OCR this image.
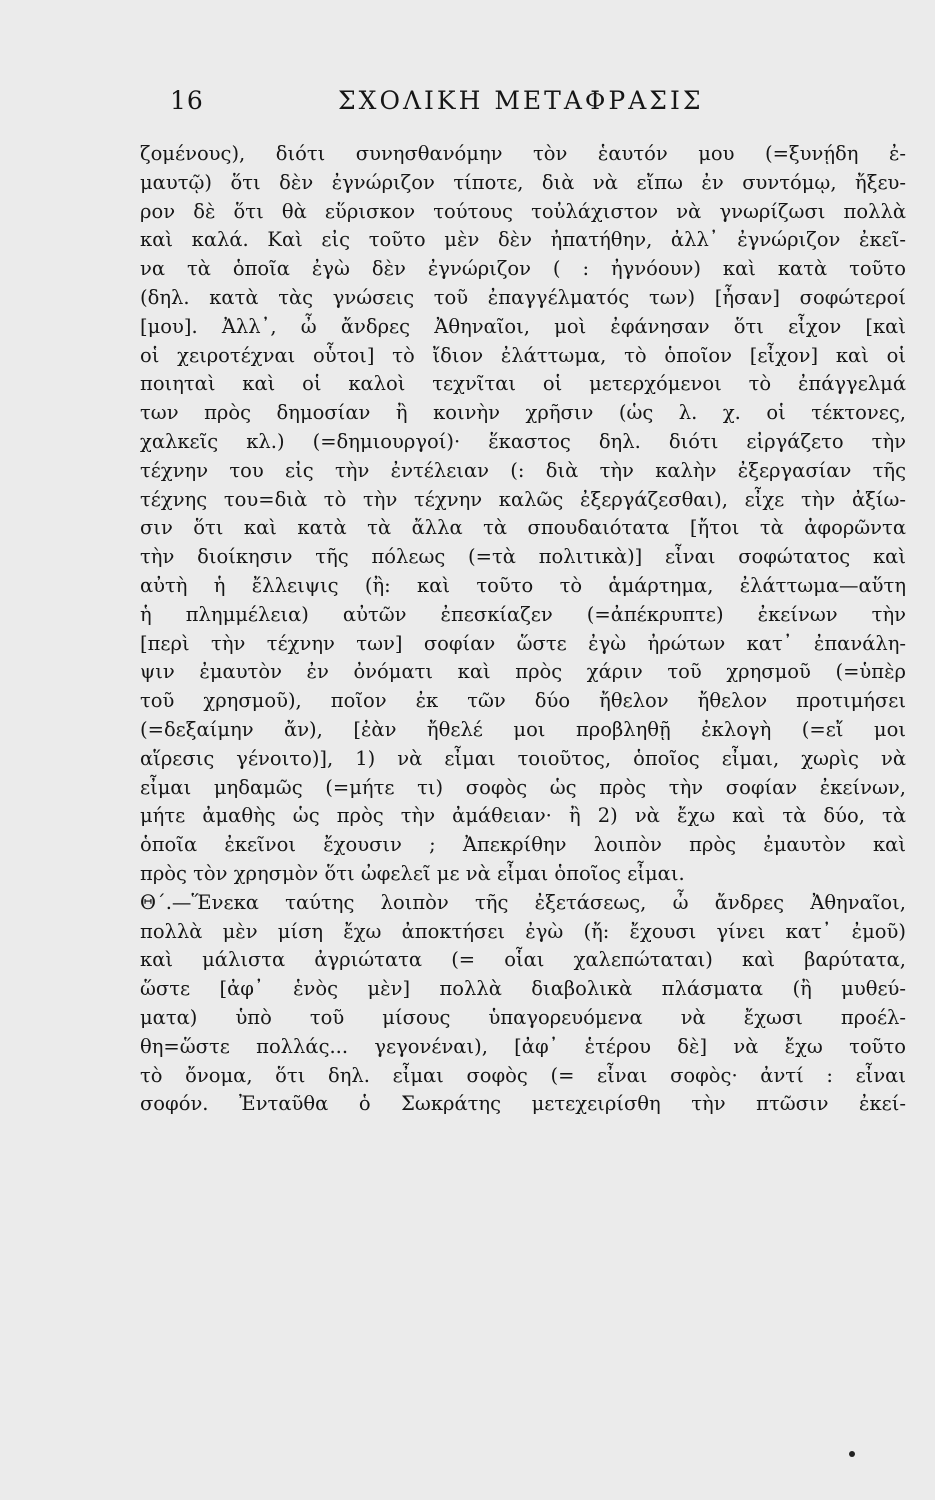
16	ΣΧΟΛΙΚΗ ΜΕΤΑΦΡΑΣΙΣ
ζομένους), διότι συνησθανόμην τὸν ἑαυτόν μου (=ξυνῄδη ἐ-
μαυτῷ) ὅτι δὲν ἐγνώριζον τίποτε, διὰ νὰ εἴπω ἐν συντόμῳ, ἤξευ-
ρον δὲ ὅτι θὰ εὕρισκον τούτους τοὐλάχιστον νὰ γνωρίζωσι πολλὰ
καὶ καλά. Καὶ εἰς τοῦτο μὲν δὲν ἠπατήθην, ἀλλ᾽ ἐγνώριζον ἐκεῖ-
να τὰ ὁποῖα ἐγὼ δὲν ἐγνώριζον ( : ἠγνόουν) καὶ κατὰ τοῦτο
(δηλ. κατὰ τὰς γνώσεις τοῦ ἐπαγγέλματός των) [ἦσαν] σοφώτεροί
[μου]. Ἀλλ᾽, ὦ ἄνδρες Ἀθηναῖοι, μοὶ ἐφάνησαν ὅτι εἶχον [καὶ
οἱ χειροτέχναι οὗτοι] τὸ ἴδιον ἐλάττωμα, τὸ ὁποῖον [εἶχον] καὶ οἱ
ποιηταὶ καὶ οἱ καλοὶ τεχνῖται οἱ μετερχόμενοι τὸ ἐπάγγελμά
των πρὸς δημοσίαν ἢ κοινὴν χρῆσιν (ὡς λ. χ. οἱ τέκτονες,
χαλκεῖς κλ.) (=δημιουργοί)· ἕκαστος δηλ. διότι εἰργάζετο τὴν
τέχνην του εἰς τὴν ἐντέλειαν (: διὰ τὴν καλὴν ἐξεργασίαν τῆς
τέχνης του=διὰ τὸ τὴν τέχνην καλῶς ἐξεργάζεσθαι), εἶχε τὴν ἀξίω-
σιν ὅτι καὶ κατὰ τὰ ἄλλα τὰ σπουδαιότατα [ἤτοι τὰ ἀφορῶντα
τὴν διοίκησιν τῆς πόλεως (=τὰ πολιτικὰ)] εἶναι σοφώτατος καὶ
αὐτὴ ἡ ἔλλειψις (ἢ: καὶ τοῦτο τὸ ἁμάρτημα, ἐλάττωμα—αὕτη
ἡ πλημμέλεια) αὐτῶν ἐπεσκίαζεν (=ἀπέκρυπτε) ἐκείνων τὴν
[περὶ τὴν τέχνην των] σοφίαν ὥστε ἐγὼ ἠρώτων κατ᾽ ἐπανάλη-
ψιν ἐμαυτὸν ἐν ὀνόματι καὶ πρὸς χάριν τοῦ χρησμοῦ (=ὑπὲρ
τοῦ χρησμοῦ), ποῖον ἐκ τῶν δύο ἤθελον ἤθελον προτιμήσει
(=δεξαίμην ἄν), [ἐὰν ἤθελέ μοι προβληθῇ ἐκλογὴ (=εἴ μοι
αἵρεσις γένοιτο)], 1) νὰ εἶμαι τοιοῦτος, ὁποῖος εἶμαι, χωρὶς νὰ
εἶμαι μηδαμῶς (=μήτε τι) σοφὸς ὡς πρὸς τὴν σοφίαν ἐκείνων,
μήτε ἀμαθὴς ὡς πρὸς τὴν ἀμάθειαν· ἢ 2) νὰ ἔχω καὶ τὰ δύο, τὰ
ὁποῖα ἐκεῖνοι ἔχουσιν ; Ἀπεκρίθην λοιπὸν πρὸς ἐμαυτὸν καὶ
πρὸς τὸν χρησμὸν ὅτι ὠφελεῖ με νὰ εἶμαι ὁποῖος εἶμαι.
Θ΄.—Ἕνεκα ταύτης λοιπὸν τῆς ἐξετάσεως, ὦ ἄνδρες Ἀθηναῖοι,
πολλὰ μὲν μίση ἔχω ἀποκτήσει ἐγὼ (ἤ: ἔχουσι γίνει κατ᾽ ἐμοῦ)
καὶ μάλιστα ἀγριώτατα (= οἷαι χαλεπώταται) καὶ βαρύτατα,
ὥστε [ἀφ᾽ ἑνὸς μὲν] πολλὰ διαβολικὰ πλάσματα (ἢ μυθεύ-
ματα) ὑπὸ τοῦ μίσους ὑπαγορευόμενα νὰ ἔχωσι προέλ-
θη=ὥστε πολλάς... γεγονέναι), [ἀφ᾽ ἑτέρου δὲ] νὰ ἔχω τοῦτο
τὸ ὄνομα, ὅτι δηλ. εἶμαι σοφὸς (= εἶναι σοφὸς· ἀντί : εἶναι
σοφόν. Ἐνταῦθα ὁ Σωκράτης μετεχειρίσθη τὴν πτῶσιν ἐκεί-
